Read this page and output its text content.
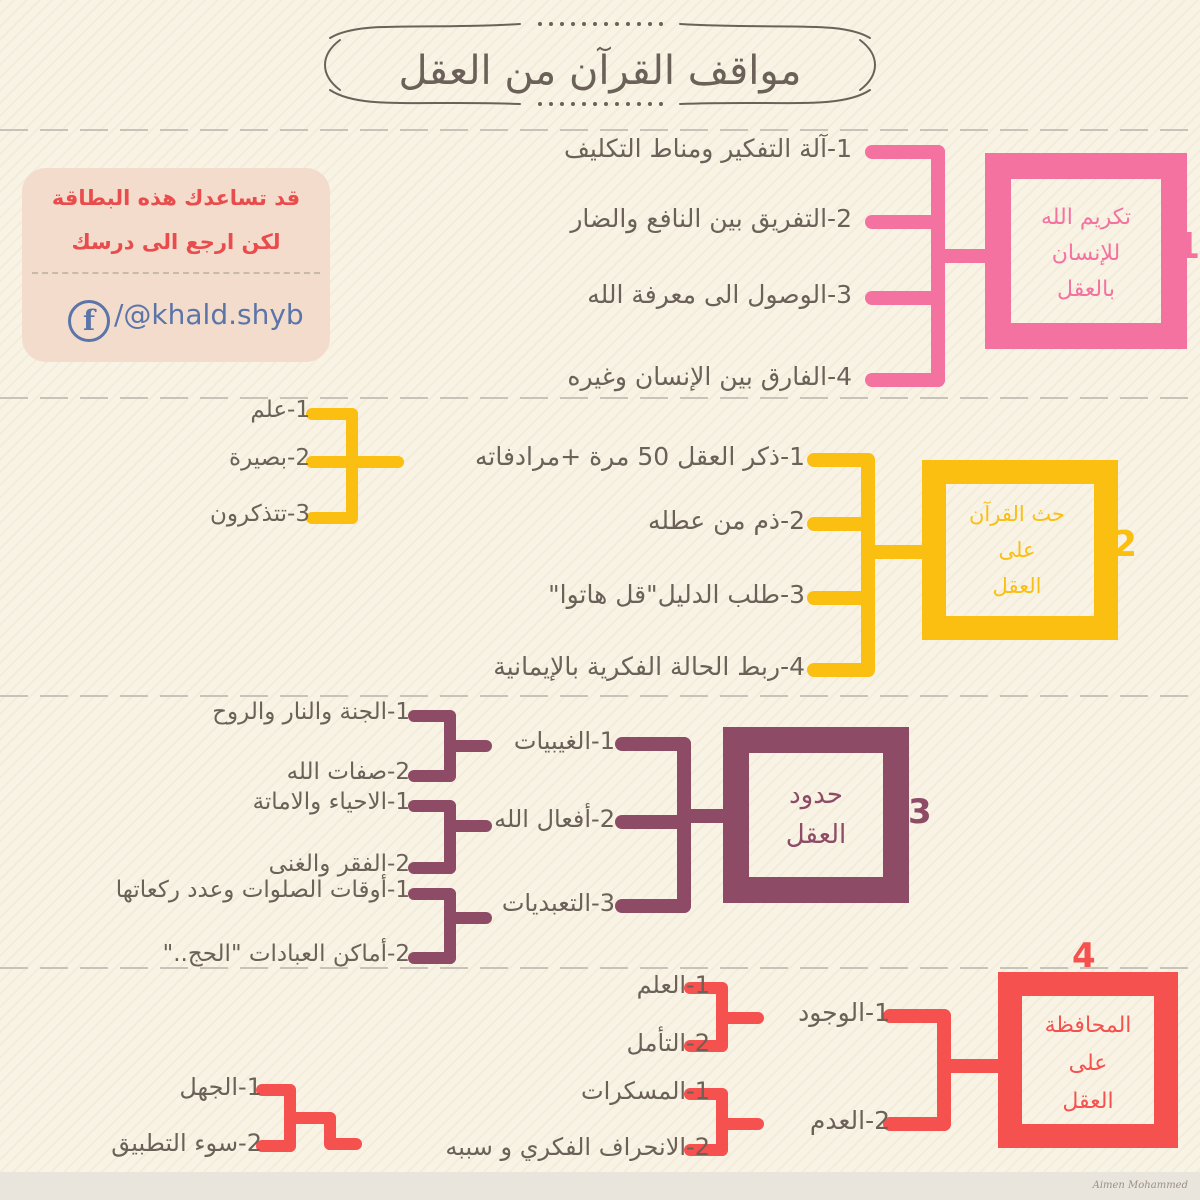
مواقف القرآن من العقل
قد تساعدك هذه البطاقة
لكن ارجع الى درسك
f /@khald.shyb
Aimen Mohammed
تكريم الله
للإنسان
بالعقل
1
1-آلة التفكير ومناط التكليف
2-التفريق بين النافع والضار
3-الوصول الى معرفة الله
4-الفارق بين الإنسان وغيره
حث القرآن
على
العقل
2
1-ذكر العقل 50 مرة +مرادفاته
2-ذم من عطله
3-طلب الدليل"قل هاتوا"
4-ربط الحالة الفكرية بالإيمانية
1-علم
2-بصيرة
3-تتذكرون
حدود
العقل
3
1-الغيبيات
2-أفعال الله
3-التعبديات
1-الجنة والنار والروح
2-صفات الله
1-الاحياء والاماتة
2-الفقر والغنى
1-أوقات الصلوات وعدد ركعاتها
2-أماكن العبادات "الحج.."
المحافظة
على
العقل
4
1-الوجود
2-العدم
1-العلم
2-التأمل
1-المسكرات
2-الانحراف الفكري و سببه
1-الجهل
2-سوء التطبيق
